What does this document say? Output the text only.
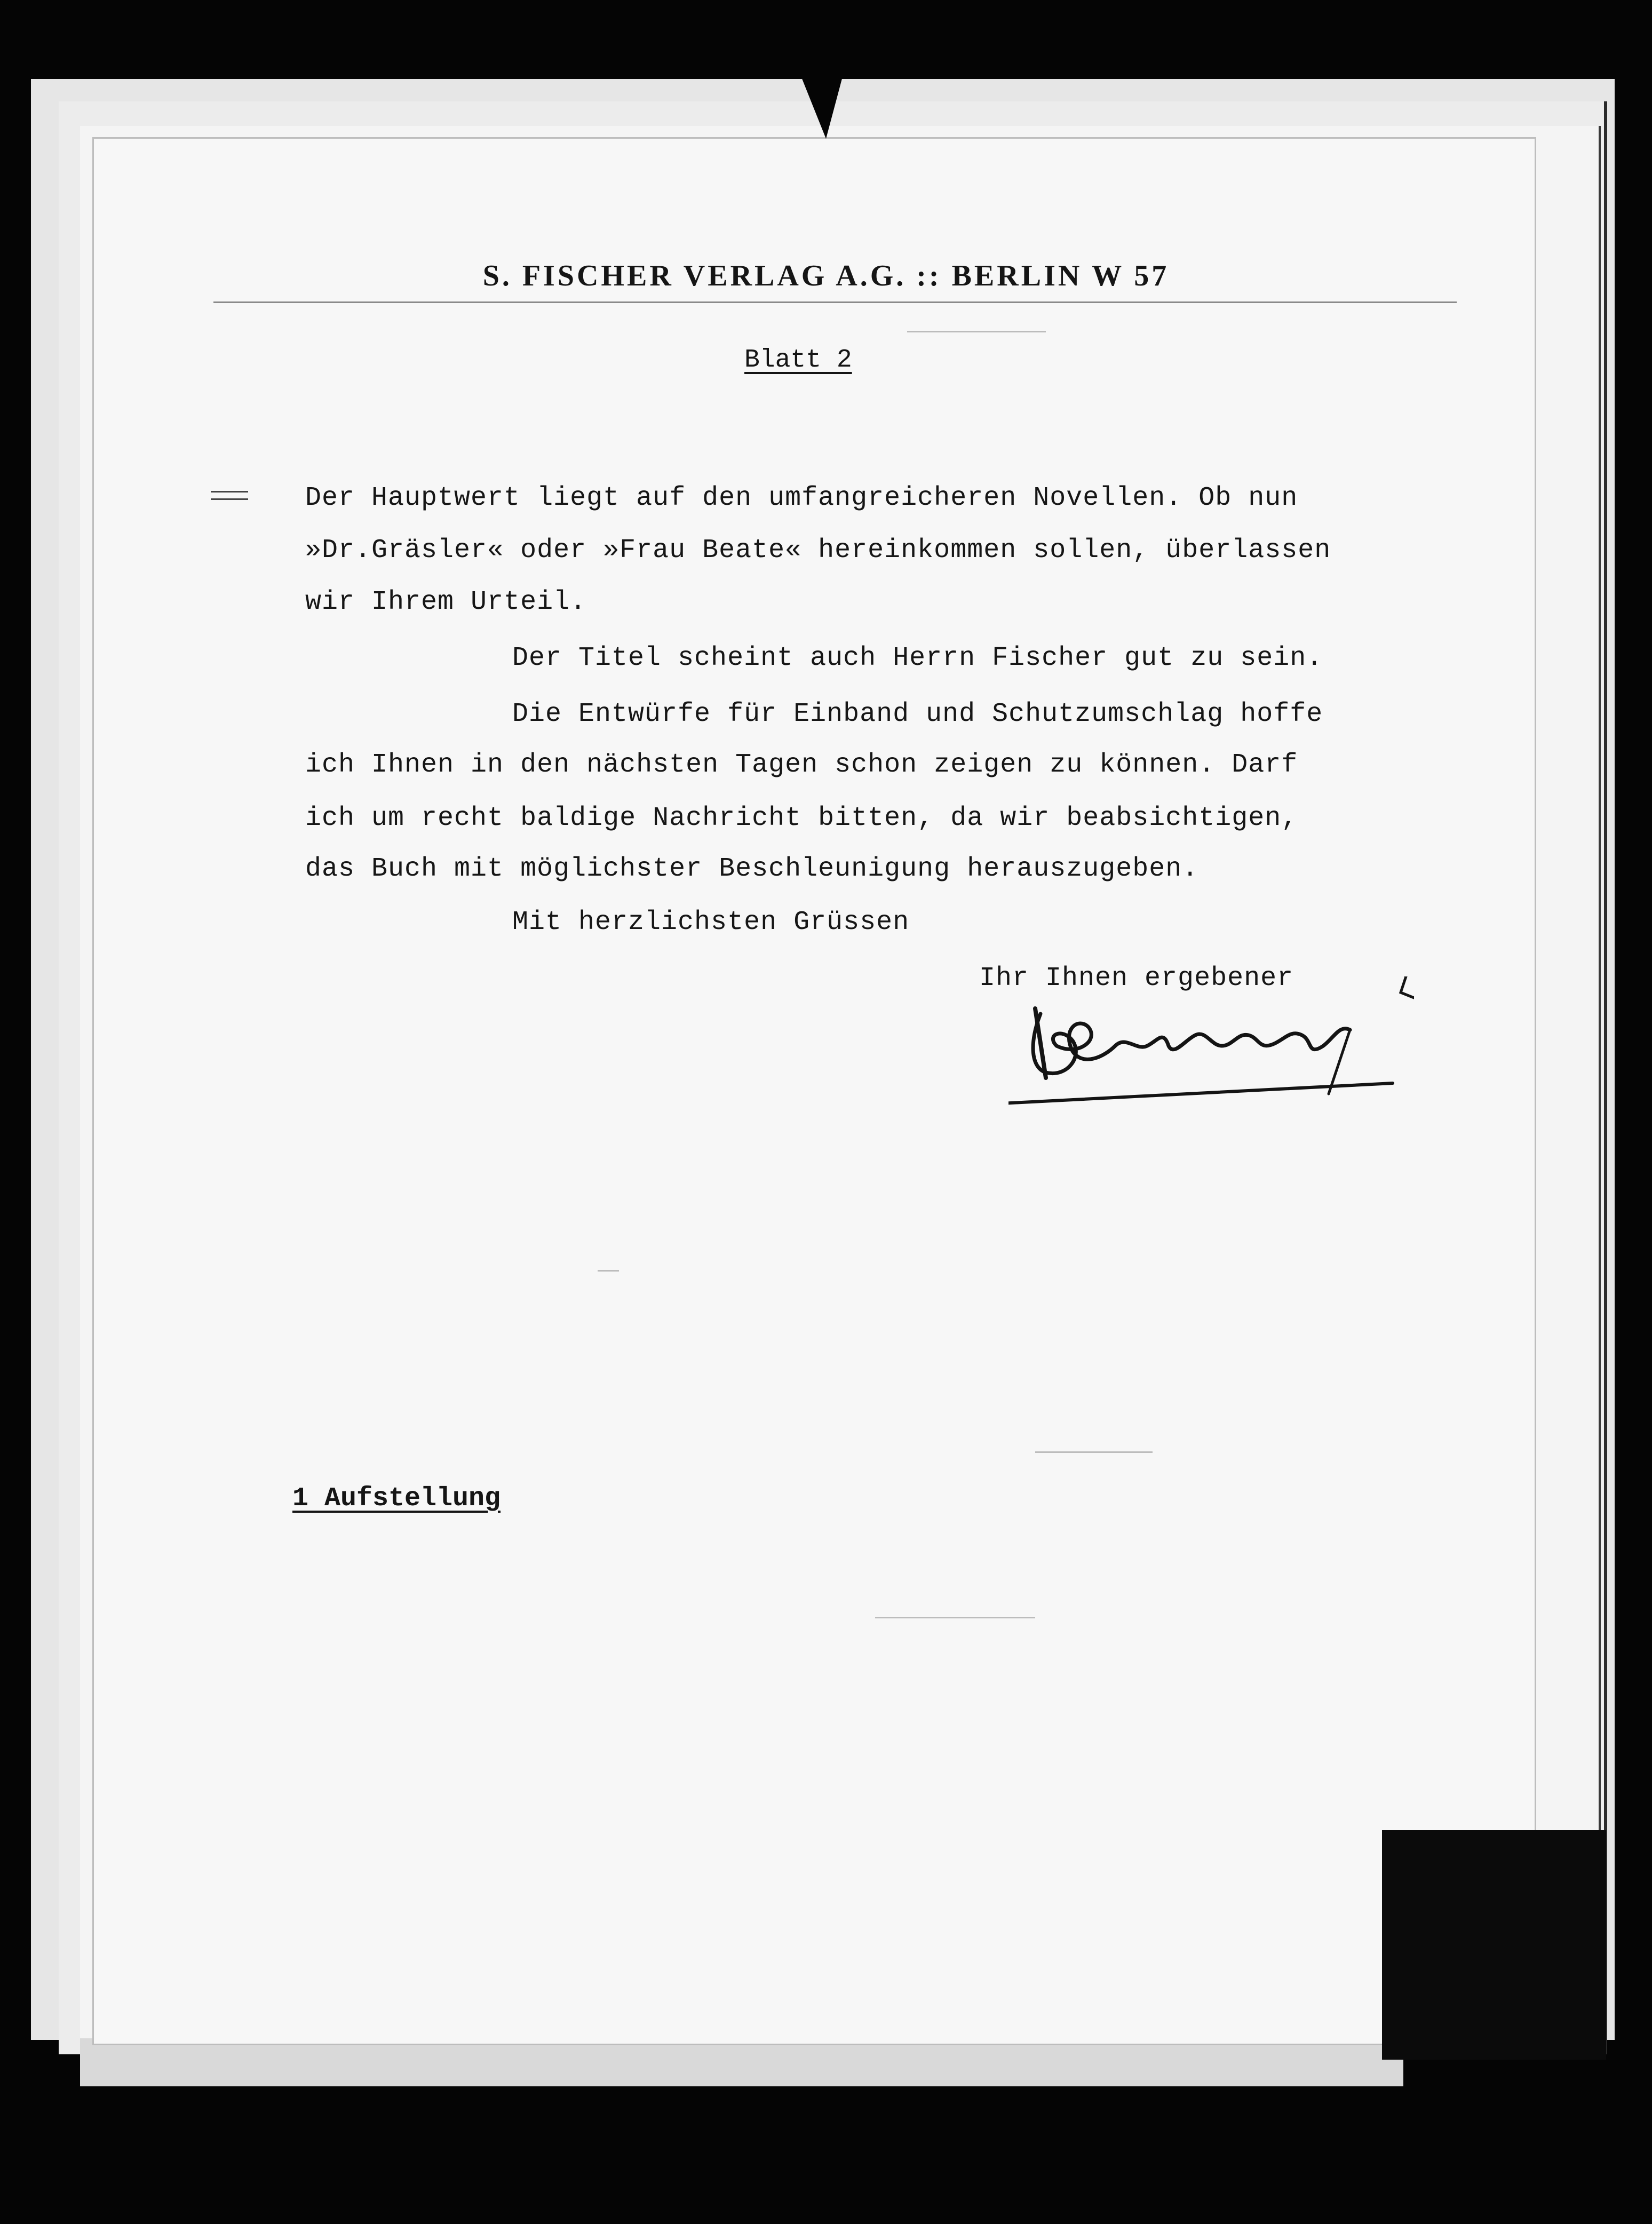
S. FISCHER VERLAG A.G. :: BERLIN W 57
Blatt 2
Der Hauptwert liegt auf den umfangreicheren Novellen. Ob nun
»Dr.Gräsler« oder »Frau Beate« hereinkommen sollen, überlassen
wir Ihrem Urteil.
Der Titel scheint auch Herrn Fischer gut zu sein.
Die Entwürfe für Einband und Schutzumschlag hoffe
ich Ihnen in den nächsten Tagen schon zeigen zu können. Darf
ich um recht baldige Nachricht bitten, da wir beabsichtigen,
das Buch mit möglichster Beschleunigung herauszugeben.
Mit herzlichsten Grüssen
Ihr Ihnen ergebener
1 Aufstellung
